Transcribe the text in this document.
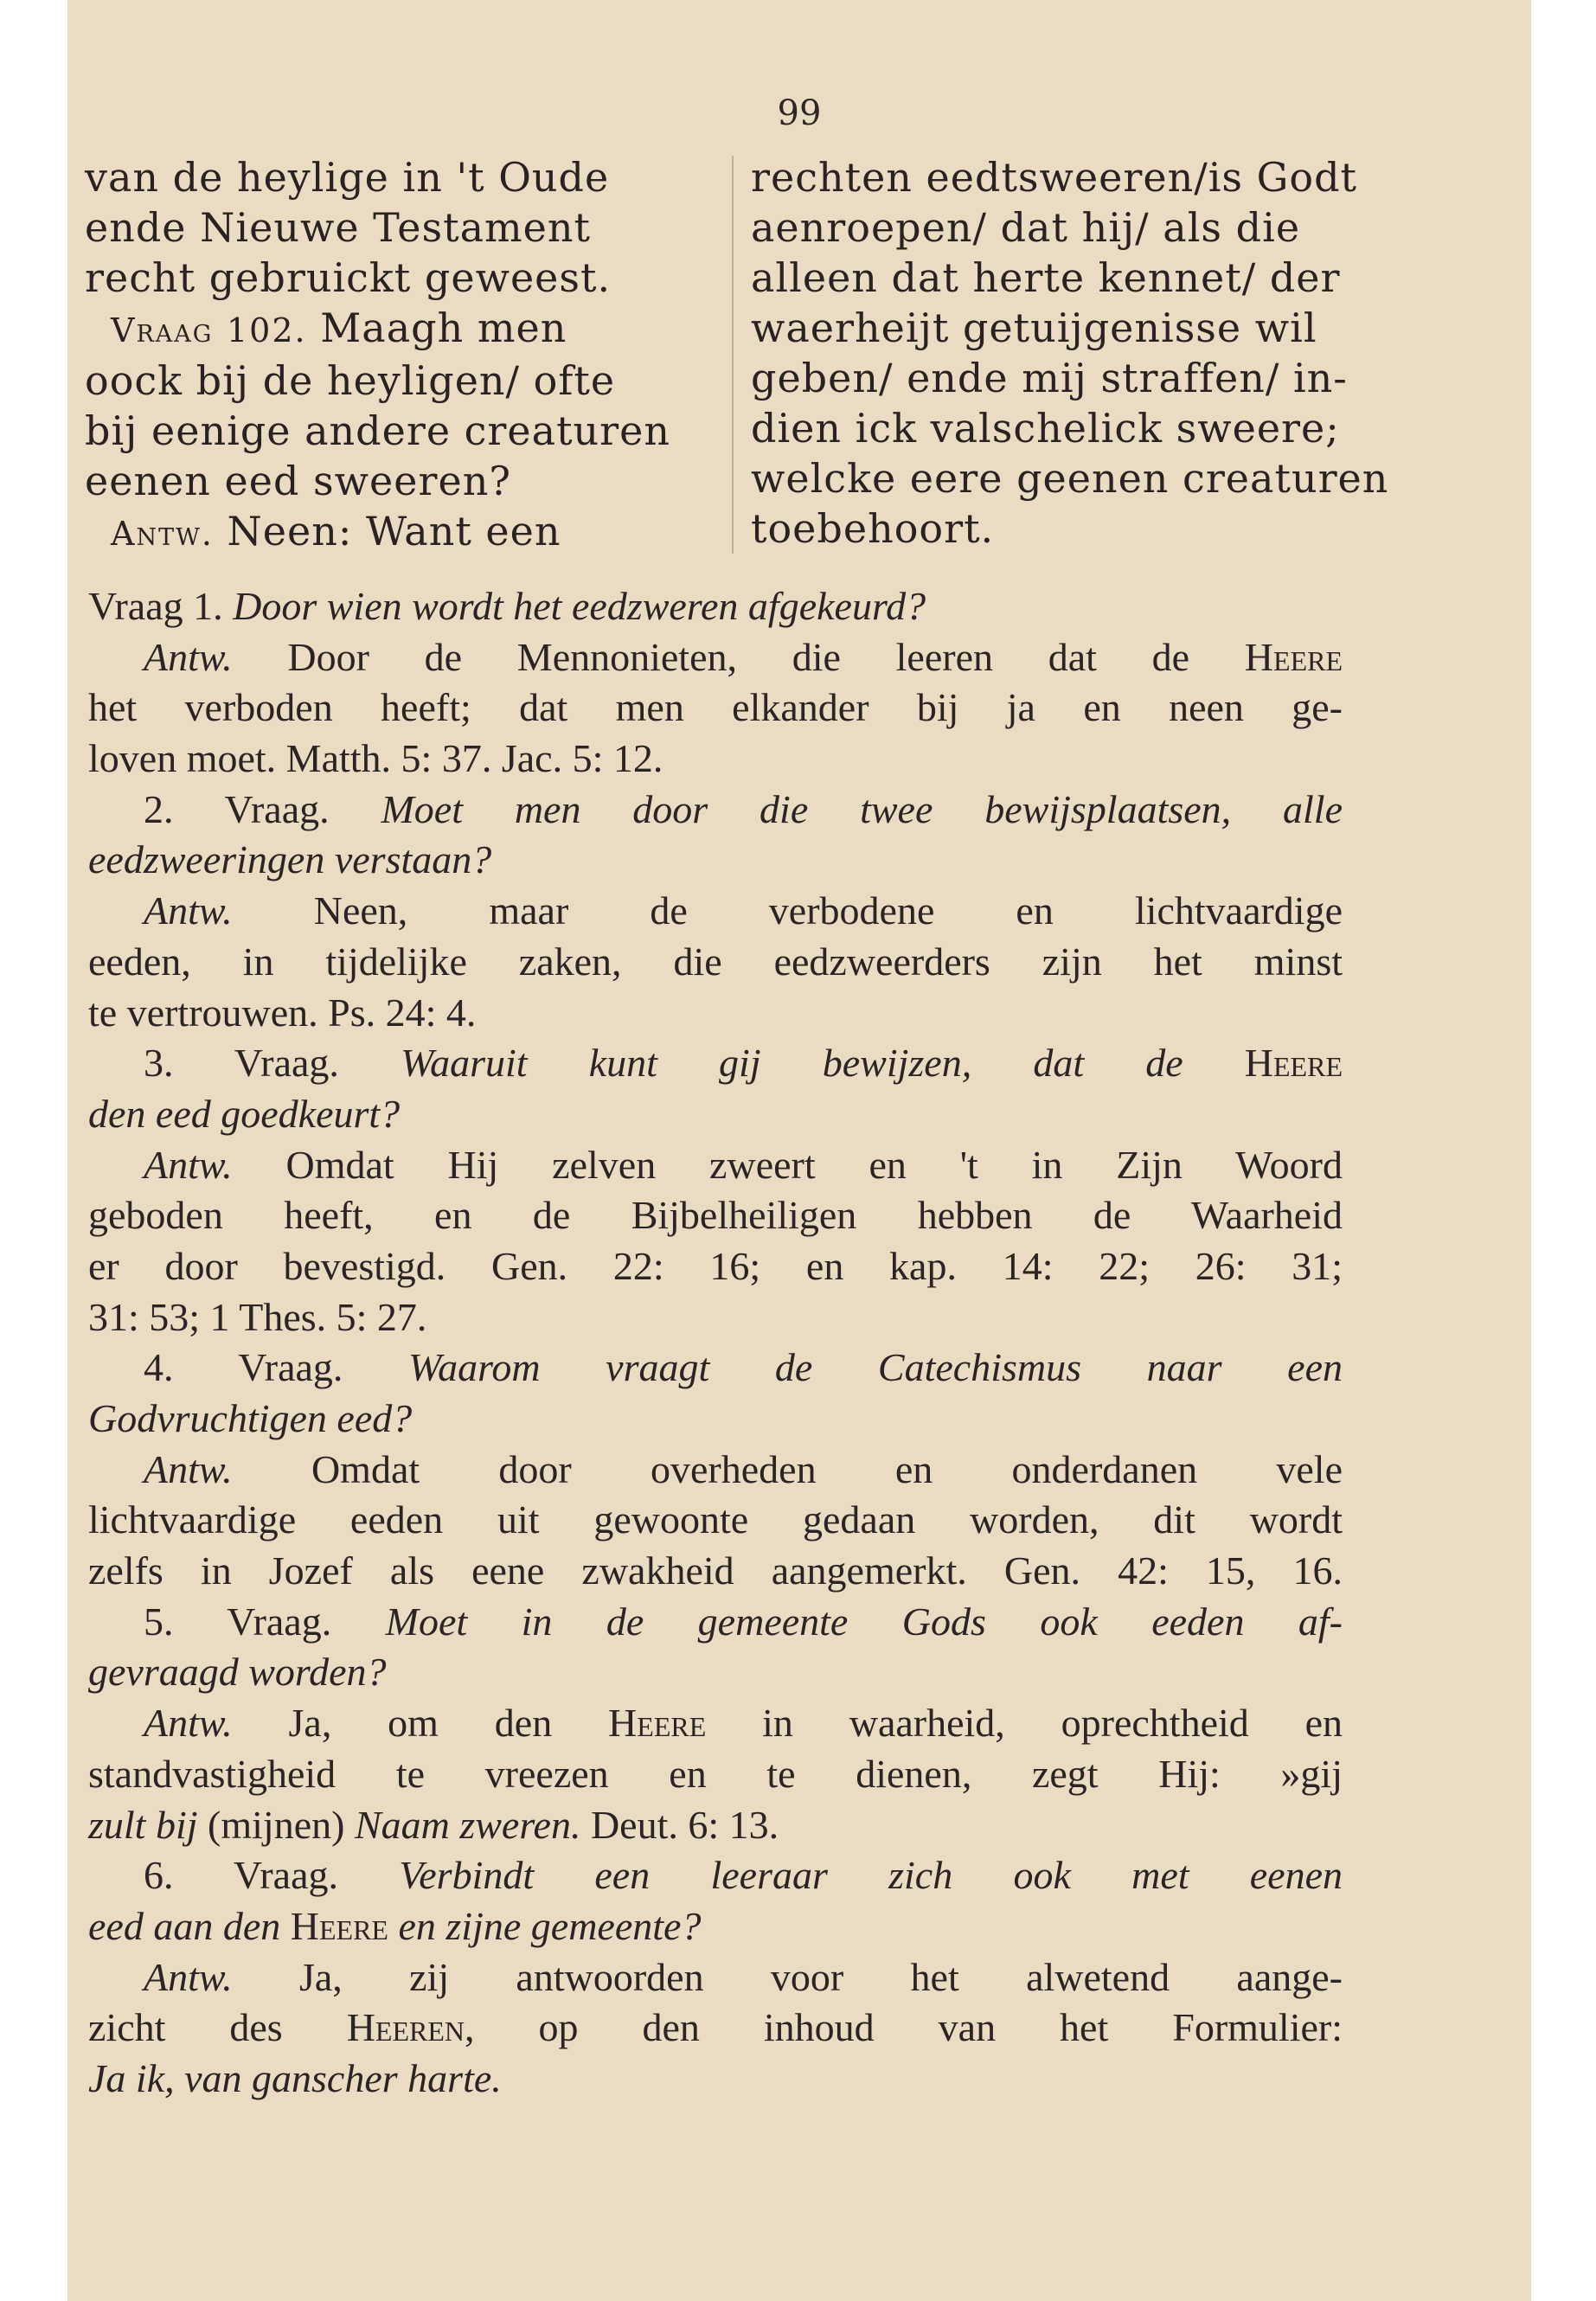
99
van de heylige in 't Oude
ende Nieuwe Testament
recht gebruickt geweest.
Vraag 102. Maagh men
oock bij de heyligen/ ofte
bij eenige andere creaturen
eenen eed sweeren?
Antw. Neen: Want een
rechten eedtsweeren/is Godt
aenroepen/ dat hij/ als die
alleen dat herte kennet/ der
waerheijt getuijgenisse wil
geben/ ende mij straffen/ in-
dien ick valschelick sweere;
welcke eere geenen creaturen
toebehoort.
Vraag 1. Door wien wordt het eedzweren afgekeurd?
Antw. Door de Mennonieten, die leeren dat de Heere
het verboden heeft; dat men elkander bij ja en neen ge-
loven moet. Matth. 5: 37. Jac. 5: 12.
2. Vraag. Moet men door die twee bewijsplaatsen, alle
eedzweeringen verstaan?
Antw. Neen, maar de verbodene en lichtvaardige
eeden, in tijdelijke zaken, die eedzweerders zijn het minst
te vertrouwen. Ps. 24: 4.
3. Vraag. Waaruit kunt gij bewijzen, dat de Heere
den eed goedkeurt?
Antw. Omdat Hij zelven zweert en 't in Zijn Woord
geboden heeft, en de Bijbelheiligen hebben de Waarheid
er door bevestigd. Gen. 22: 16; en kap. 14: 22; 26: 31;
31: 53; 1 Thes. 5: 27.
4. Vraag. Waarom vraagt de Catechismus naar een
Godvruchtigen eed?
Antw. Omdat door overheden en onderdanen vele
lichtvaardige eeden uit gewoonte gedaan worden, dit wordt
zelfs in Jozef als eene zwakheid aangemerkt. Gen. 42: 15, 16.
5. Vraag. Moet in de gemeente Gods ook eeden af-
gevraagd worden?
Antw. Ja, om den Heere in waarheid, oprechtheid en
standvastigheid te vreezen en te dienen, zegt Hij: »gij
zult bij (mijnen) Naam zweren. Deut. 6: 13.
6. Vraag. Verbindt een leeraar zich ook met eenen
eed aan den Heere en zijne gemeente?
Antw. Ja, zij antwoorden voor het alwetend aange-
zicht des Heeren, op den inhoud van het Formulier:
Ja ik, van ganscher harte.
